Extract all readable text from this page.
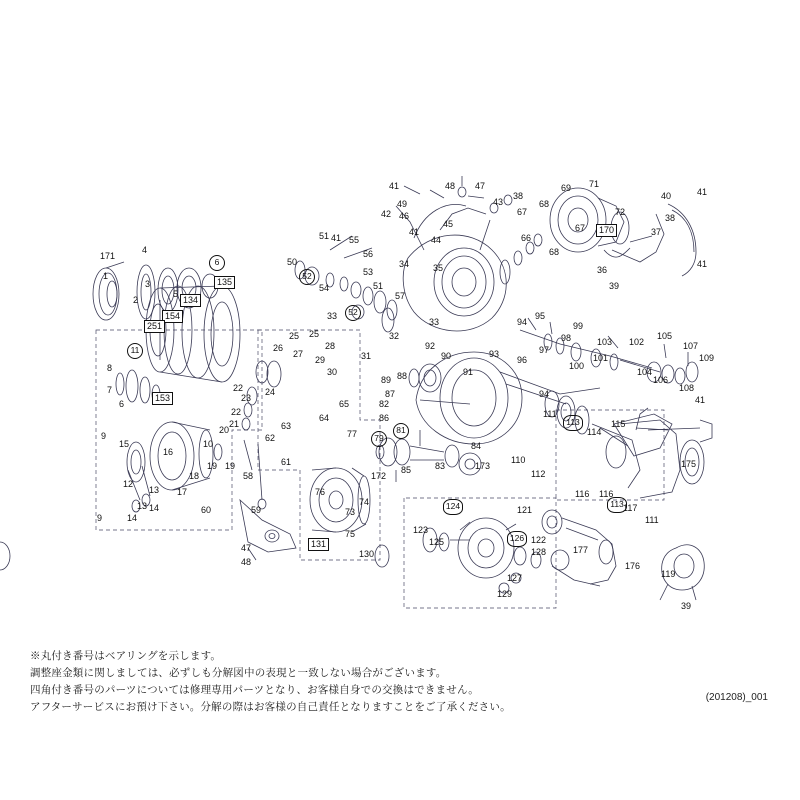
171
4
1
3
5
2
8
7
6
9
15
16
17
13
12
13
14
14
9
10
19 19
20
21
22
22
23
24
25 25
26
27
28
29
30
31
32
33
33
34	35	36
37
38
38
39
39
40
41
41
41
41
41
41
42
43
44
45
46
47
48
49
50
51
51
53
54
55
56
57
58
59
60
61
62
63
64
65
66
67
67
68
68
69 71
72
73
74
75
76
77
82
83
84
85
86
87
88
89
90
91
92
93
94
94
95
96
97
98
99
100
101
102
103
104
105
106
107
108
109
110
111
111
112
114
115
116 116
117
119
121
122
123
125
127
128
129
130
172
173	175
176
177
47
48
18
6
11
52
52
79
81
113
113
124
126
135
134
154
251
153
170
131
※丸付き番号はベアリングを示します。
調整座金類に関しましては、必ずしも分解図中の表現と一致しない場合がございます。
四角付き番号のパーツについては修理専用パーツとなり、お客様自身での交換はできません。
アフターサービスにお預け下さい。分解の際はお客様の自己責任となりますことをご了承ください。
(201208)_001
